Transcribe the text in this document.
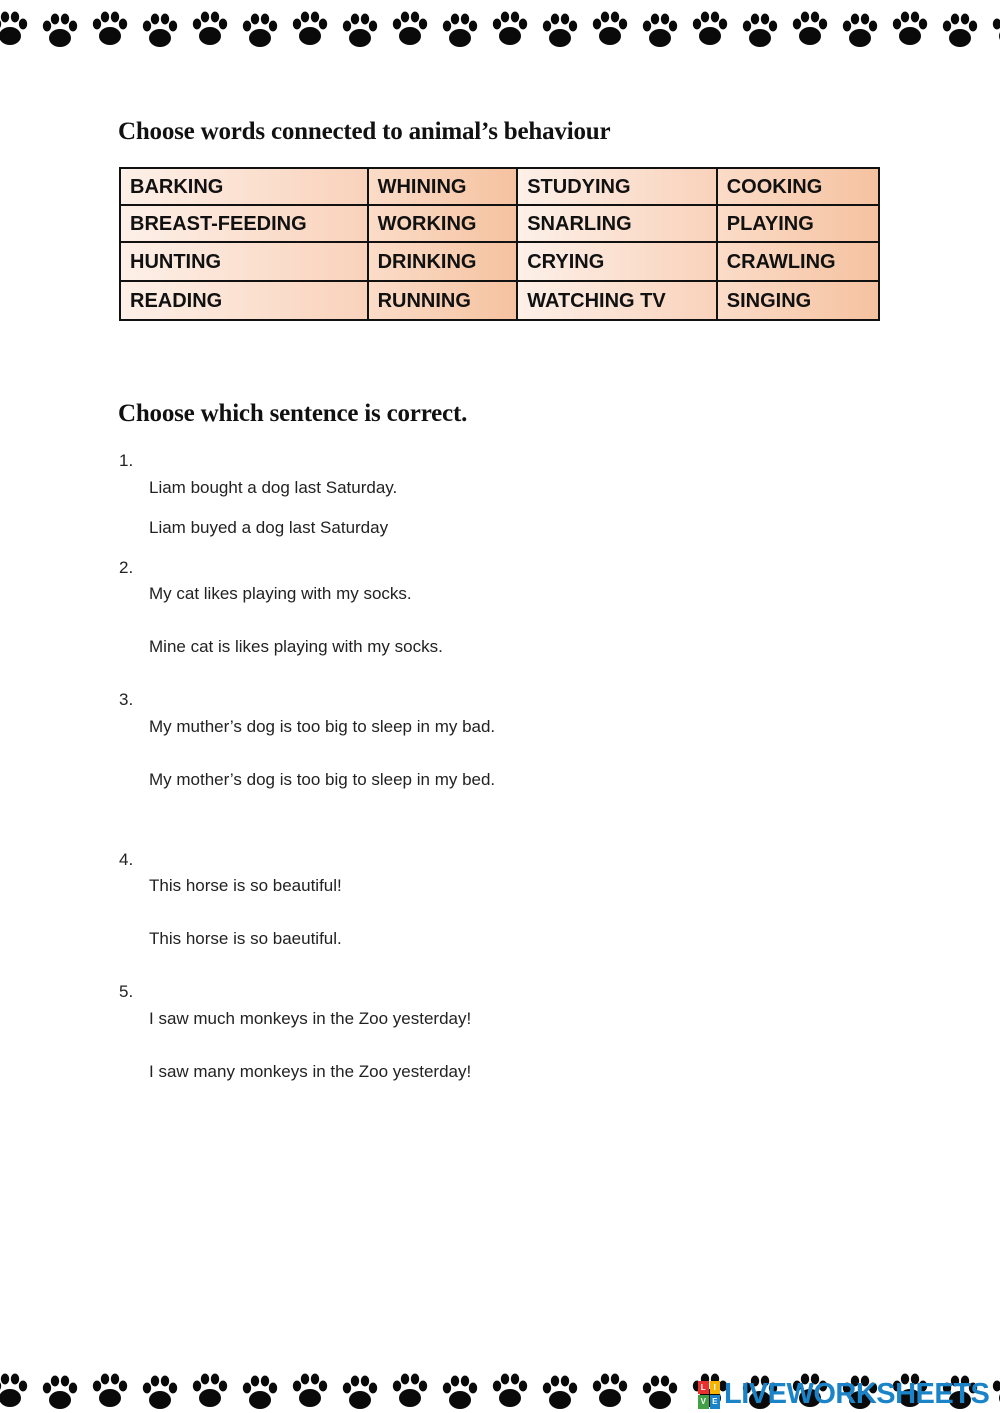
Choose words connected to animal’s behaviour
BARKING	WHINING	STUDYING	COOKING
BREAST-FEEDING	WORKING	SNARLING	PLAYING
HUNTING	DRINKING	CRYING	CRAWLING
READING	RUNNING	WATCHING TV	SINGING
Choose which sentence is correct.

1.

Liam bought a dog last Saturday.

Liam buyed a dog last Saturday

2.

My cat likes playing with my socks.

Mine cat is likes playing with my socks.

3.

My muther’s dog is too big to sleep in my bad.

My mother’s dog is too big to sleep in my bed.

4.

This horse is so beautiful!

This horse is so baeutiful.

5.

I saw much monkeys in the Zoo yesterday!

I saw many monkeys in the Zoo yesterday!

L I
V E LIVEWORKSHEETS
